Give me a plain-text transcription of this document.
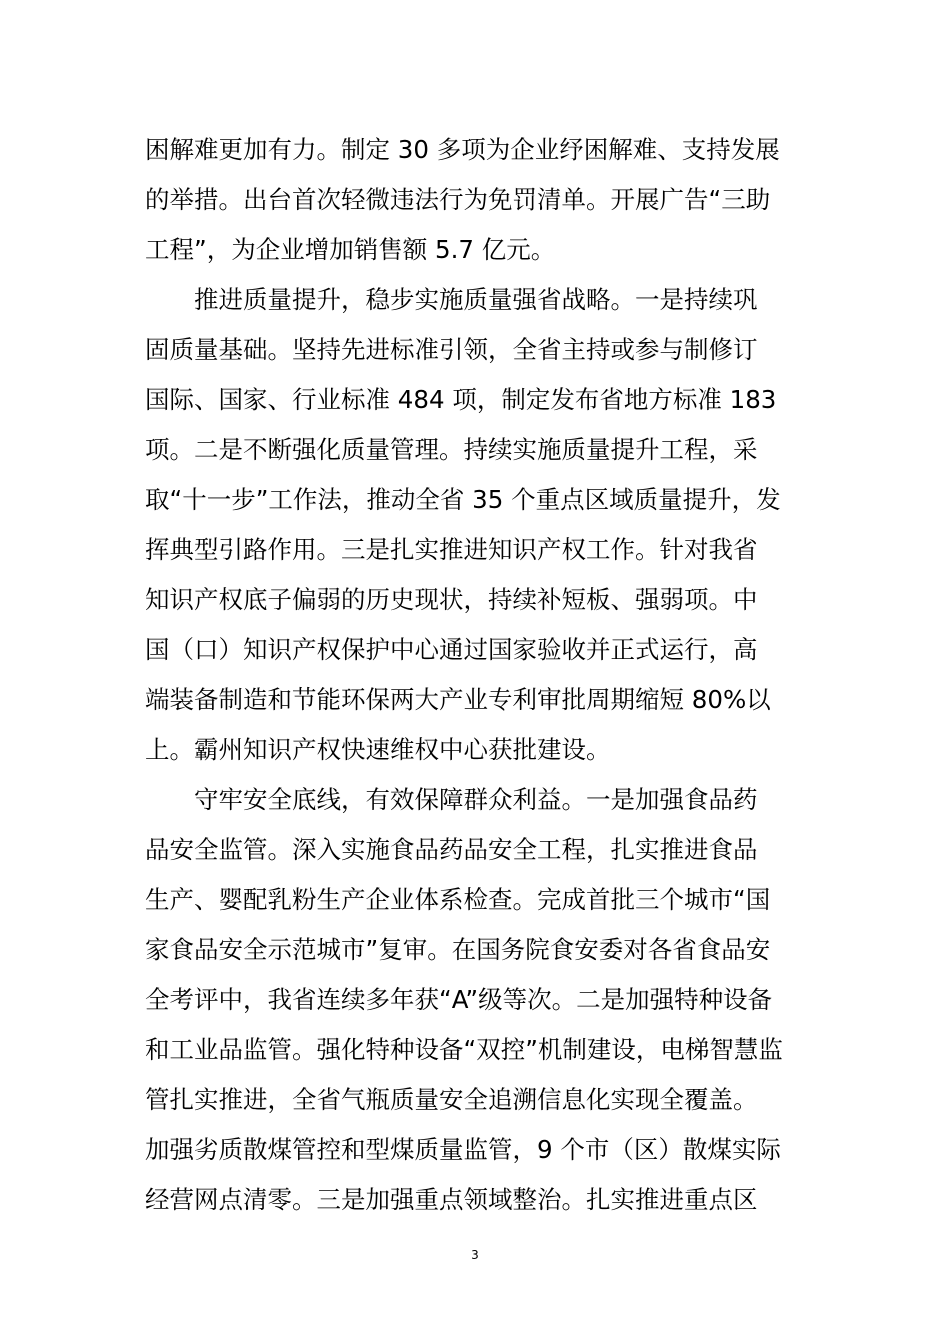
困解难更加有力。制定 30 多项为企业纾困解难、支持发展
的举措。出台首次轻微违法行为免罚清单。开展广告“三助
工程”，为企业增加销售额 5.7 亿元。
推进质量提升，稳步实施质量强省战略。一是持续巩
固质量基础。坚持先进标准引领，全省主持或参与制修订
国际、国家、行业标准 484 项，制定发布省地方标准 183
项。二是不断强化质量管理。持续实施质量提升工程，采
取“十一步”工作法，推动全省 35 个重点区域质量提升，发
挥典型引路作用。三是扎实推进知识产权工作。针对我省
知识产权底子偏弱的历史现状，持续补短板、强弱项。中
国（口）知识产权保护中心通过国家验收并正式运行，高
端装备制造和节能环保两大产业专利审批周期缩短 80%以
上。霸州知识产权快速维权中心获批建设。
守牢安全底线，有效保障群众利益。一是加强食品药
品安全监管。深入实施食品药品安全工程，扎实推进食品
生产、婴配乳粉生产企业体系检查。完成首批三个城市“国
家食品安全示范城市”复审。在国务院食安委对各省食品安
全考评中，我省连续多年获“A”级等次。二是加强特种设备
和工业品监管。强化特种设备“双控”机制建设，电梯智慧监
管扎实推进，全省气瓶质量安全追溯信息化实现全覆盖。
加强劣质散煤管控和型煤质量监管，9 个市（区）散煤实际
经营网点清零。三是加强重点领域整治。扎实推进重点区
3
